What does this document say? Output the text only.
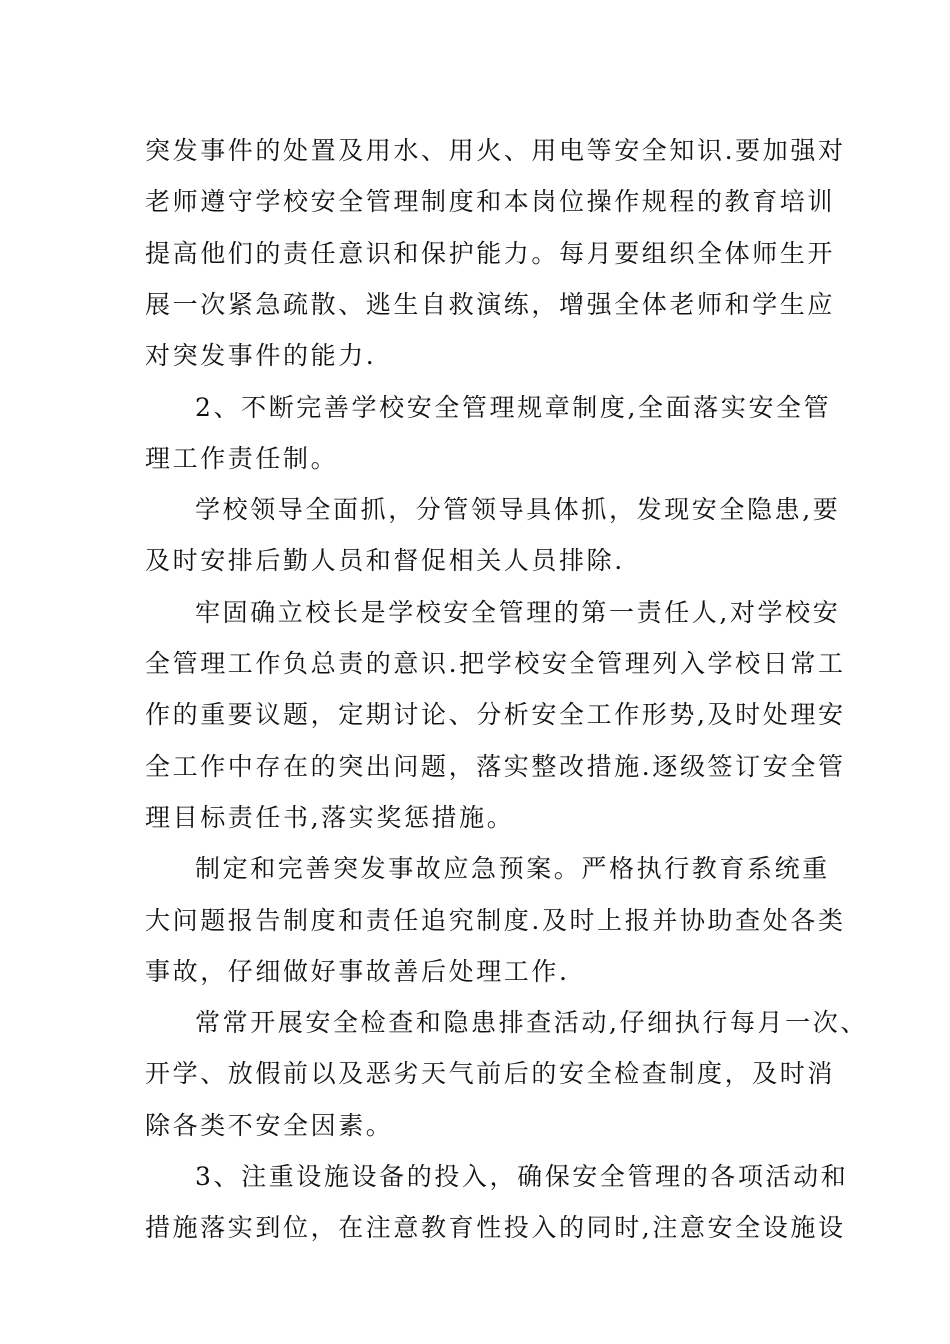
突发事件的处置及用水、用火、用电等安全知识.要加强对
老师遵守学校安全管理制度和本岗位操作规程的教育培训
提高他们的责任意识和保护能力。每月要组织全体师生开
展一次紧急疏散、逃生自救演练，增强全体老师和学生应
对突发事件的能力.
2、不断完善学校安全管理规章制度,全面落实安全管
理工作责任制。
学校领导全面抓，分管领导具体抓，发现安全隐患,要
及时安排后勤人员和督促相关人员排除.
牢固确立校长是学校安全管理的第一责任人,对学校安
全管理工作负总责的意识.把学校安全管理列入学校日常工
作的重要议题，定期讨论、分析安全工作形势,及时处理安
全工作中存在的突出问题，落实整改措施.逐级签订安全管
理目标责任书,落实奖惩措施。
制定和完善突发事故应急预案。严格执行教育系统重
大问题报告制度和责任追究制度.及时上报并协助查处各类
事故，仔细做好事故善后处理工作.
常常开展安全检查和隐患排查活动,仔细执行每月一次、
开学、放假前以及恶劣天气前后的安全检查制度，及时消
除各类不安全因素。
3、注重设施设备的投入，确保安全管理的各项活动和
措施落实到位，在注意教育性投入的同时,注意安全设施设
